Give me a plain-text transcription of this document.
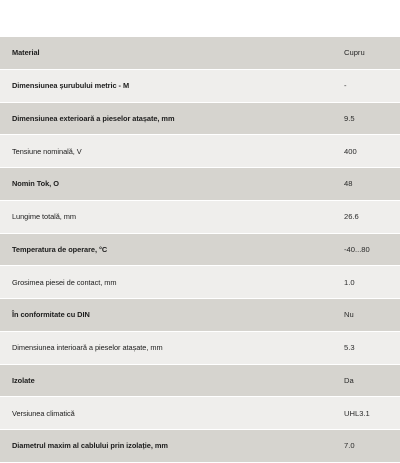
Material	Cupru
Dimensiunea șurubului metric - M	-
Dimensiunea exterioară a pieselor atașate, mm	9.5
Tensiune nominală, V	400
Nomin Tok, O	48
Lungime totală, mm	26.6
Temperatura de operare, °C	-40...80
Grosimea piesei de contact, mm	1.0
În conformitate cu DIN	Nu
Dimensiunea interioară a pieselor atașate, mm	5.3
Izolate	Da
Versiunea climatică	UHL3.1
Diametrul maxim al cablului prin izolație, mm	7.0
